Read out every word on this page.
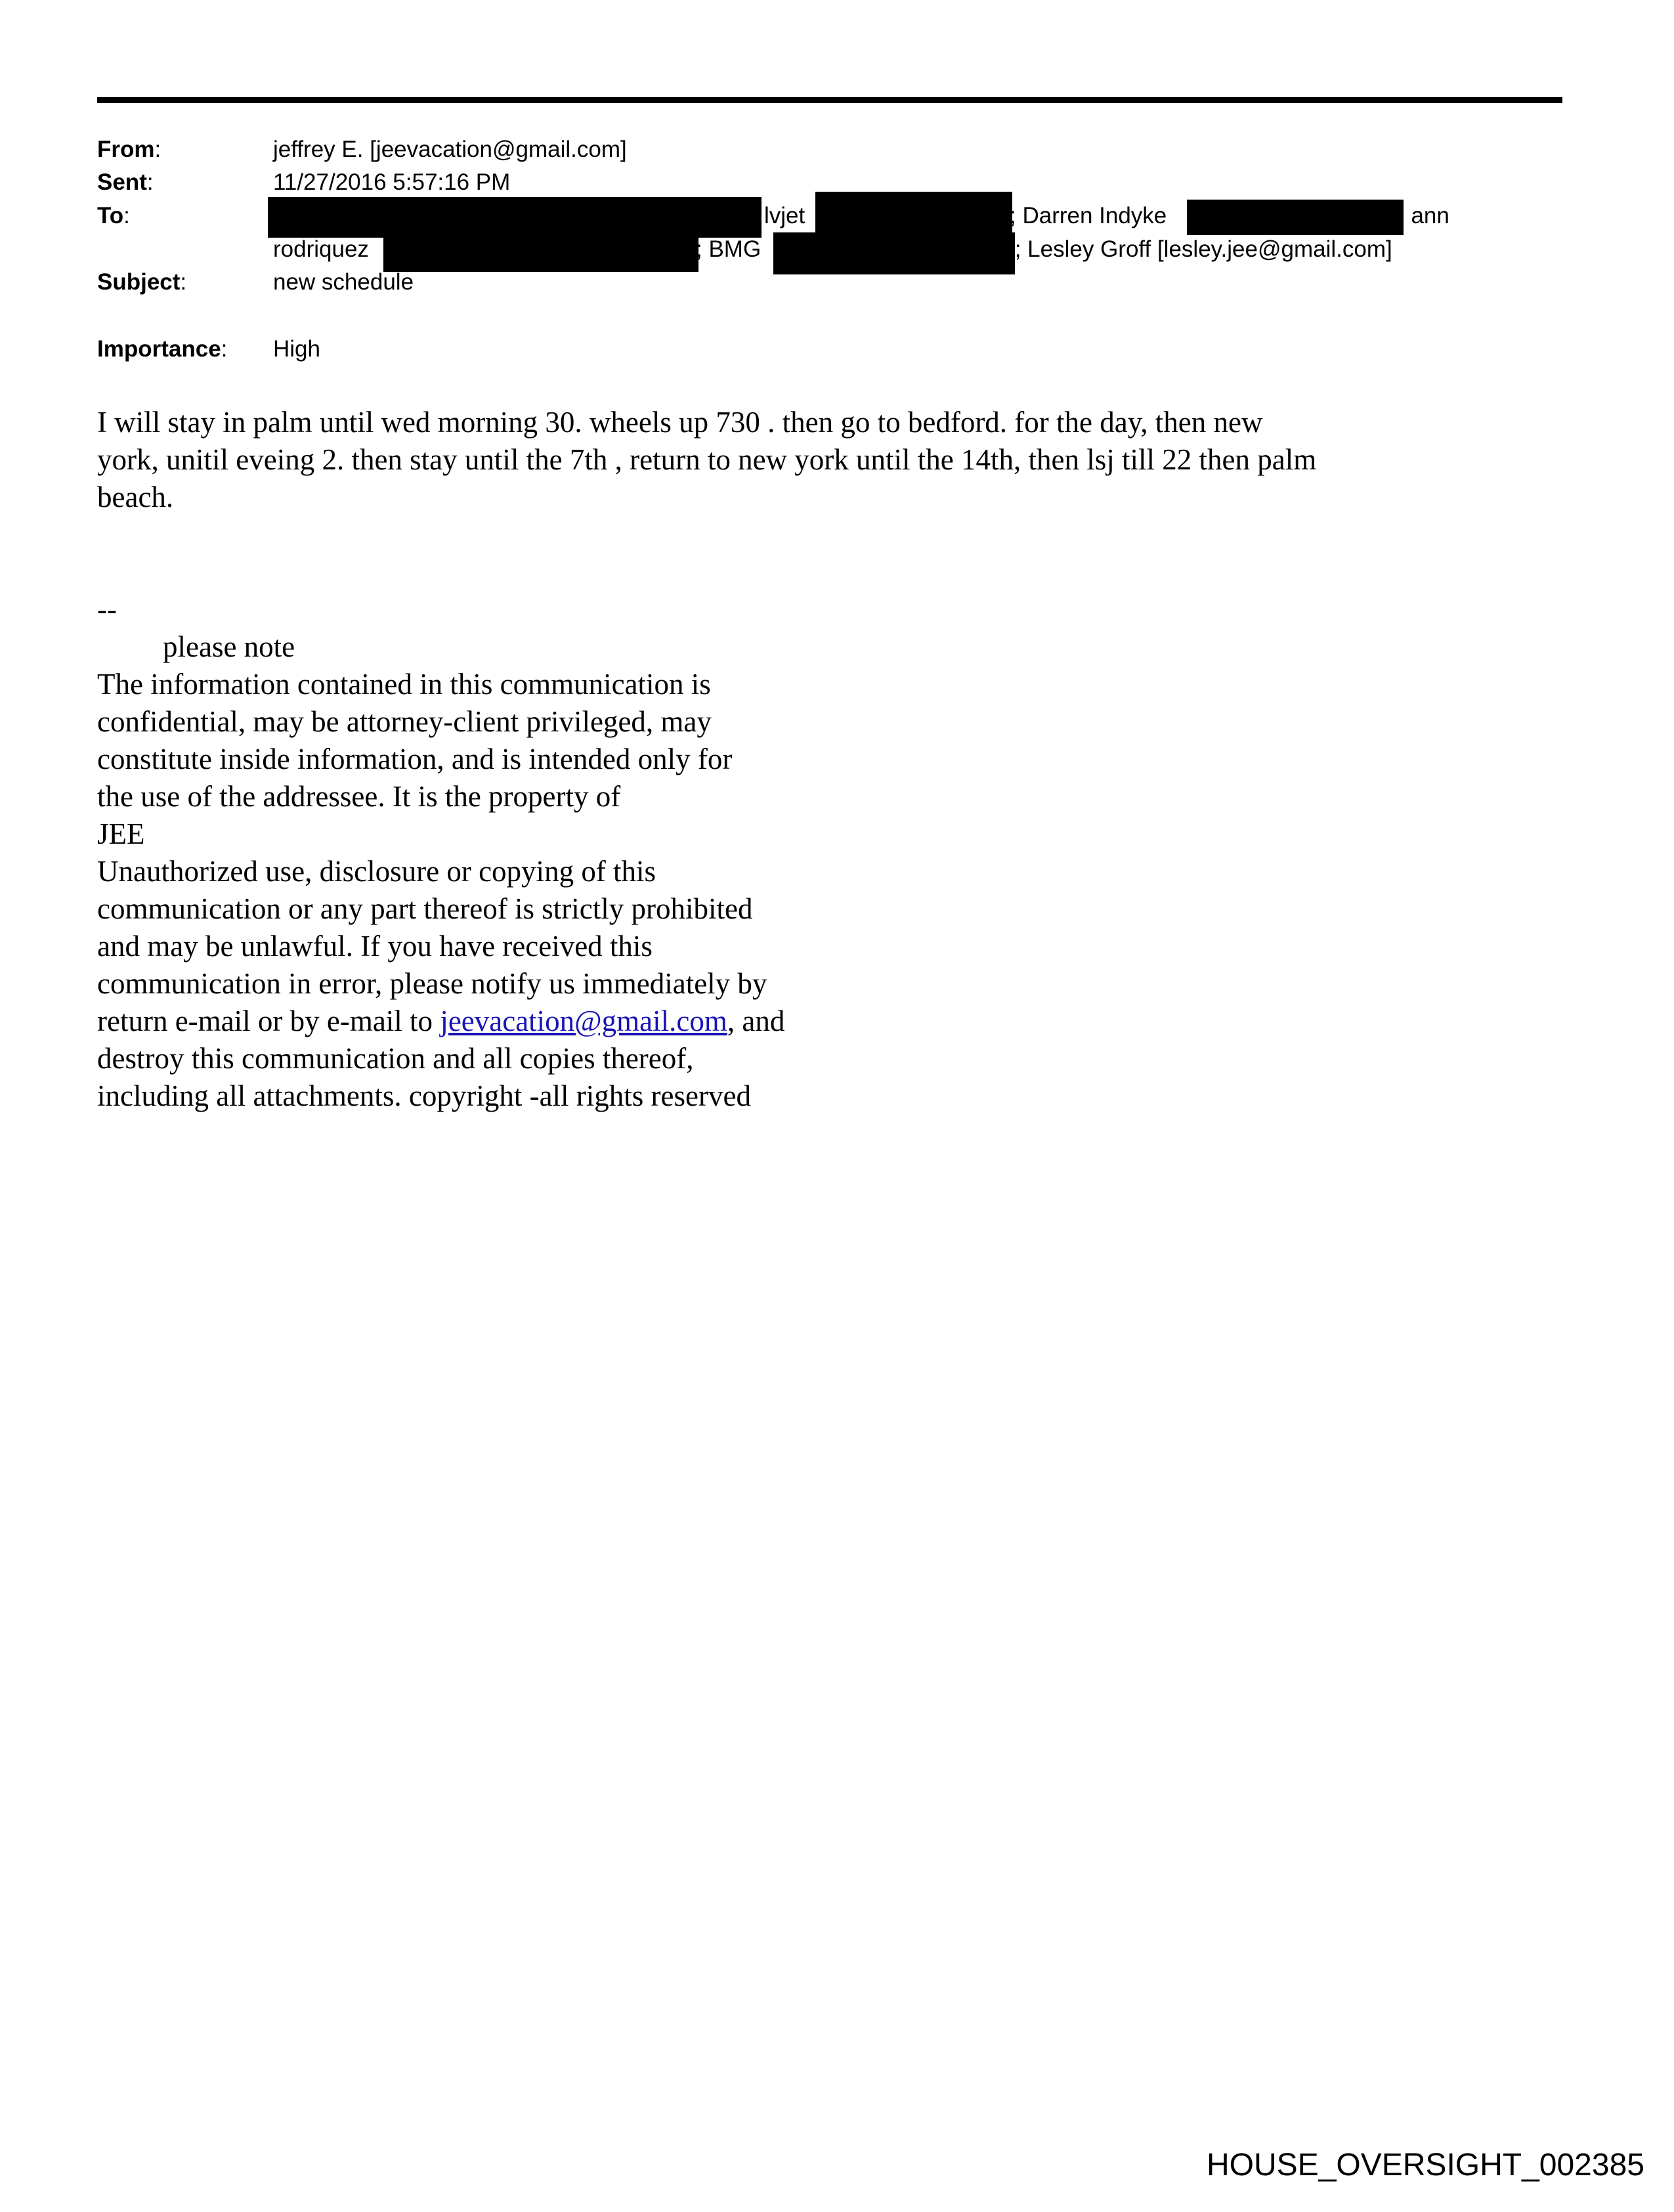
From:	jeffrey E. [jeevacation@gmail.com]
Sent:	11/27/2016 5:57:16 PM
To:	lvjet	; Darren Indyke	; ann
rodriquez	; BMG	]; Lesley Groff [lesley.jee@gmail.com]
Subject:	new schedule
Importance: High
I will stay in palm until wed morning 30. wheels up 730 . then go to bedford. for the day, then new
york, unitil eveing 2. then stay until the 7th , return to new york until the 14th, then lsj till 22 then palm
beach.
--
please note
The information contained in this communication is
confidential, may be attorney-client privileged, may
constitute inside information, and is intended only for
the use of the addressee. It is the property of
JEE
Unauthorized use, disclosure or copying of this
communication or any part thereof is strictly prohibited
and may be unlawful. If you have received this
communication in error, please notify us immediately by
return e-mail or by e-mail to jeevacation@gmail.com, and
destroy this communication and all copies thereof,
including all attachments. copyright -all rights reserved
HOUSE_OVERSIGHT_002385
